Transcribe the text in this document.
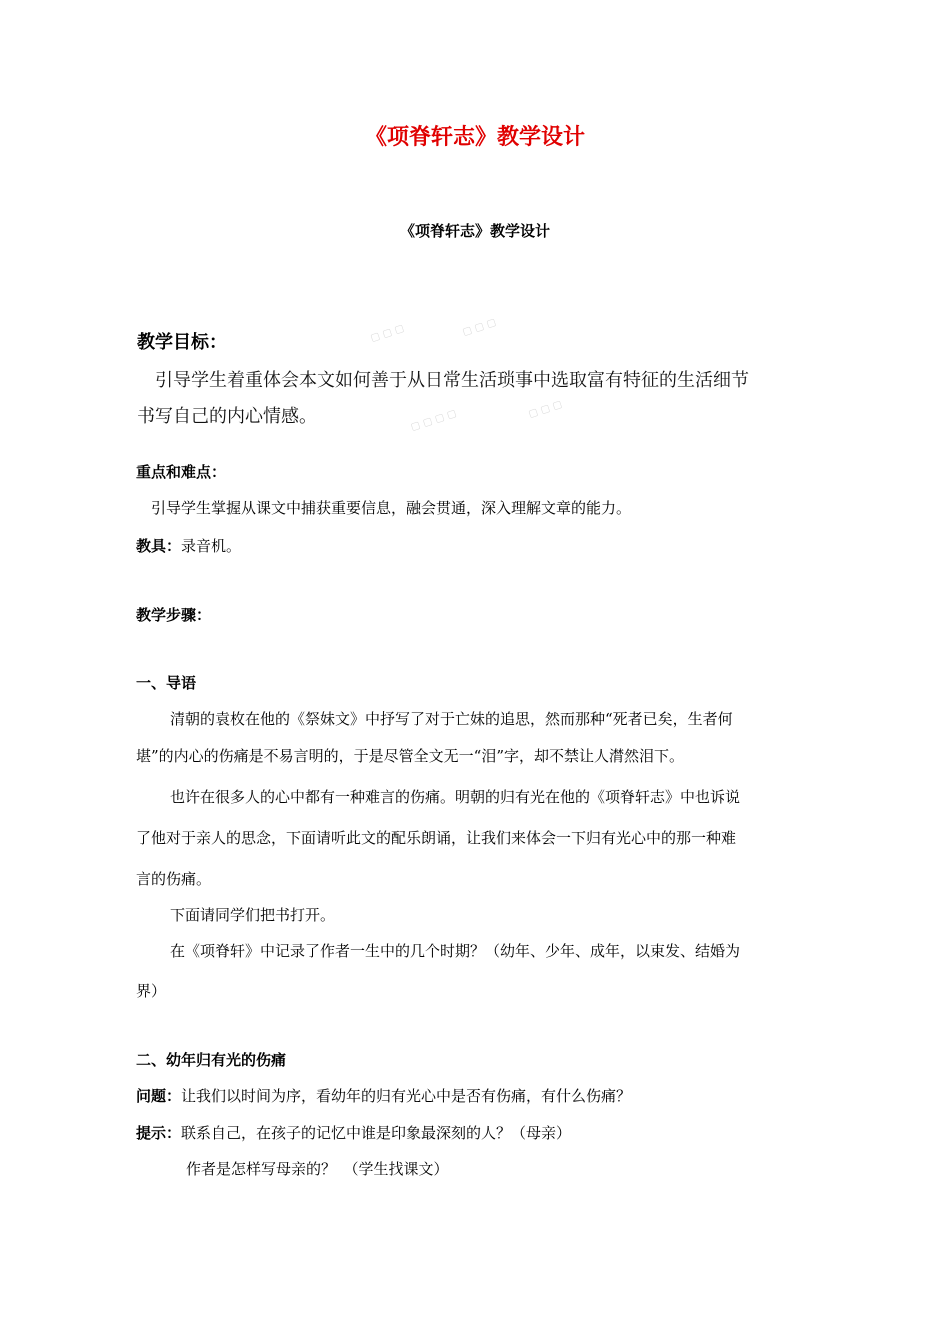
▢ ▢ ▢	▢ ▢ ▢
▢ ▢ ▢ ▢	▢ ▢ ▢
《项脊轩志》教学设计
《项脊轩志》教学设计
教学目标：
引导学生着重体会本文如何善于从日常生活琐事中选取富有特征的生活细节
书写自己的内心情感。
重点和难点：
引导学生掌握从课文中捕获重要信息，融会贯通，深入理解文章的能力。
教具：录音机。
教学步骤：
一、导语
清朝的袁枚在他的《祭妹文》中抒写了对于亡妹的追思，然而那种“死者已矣，生者何
堪”的内心的伤痛是不易言明的，于是尽管全文无一“泪”字，却不禁让人潸然泪下。
也许在很多人的心中都有一种难言的伤痛。明朝的归有光在他的《项脊轩志》中也诉说
了他对于亲人的思念，下面请听此文的配乐朗诵，让我们来体会一下归有光心中的那一种难
言的伤痛。
下面请同学们把书打开。
在《项脊轩》中记录了作者一生中的几个时期？（幼年、少年、成年，以束发、结婚为
界）
二、幼年归有光的伤痛
问题：让我们以时间为序，看幼年的归有光心中是否有伤痛，有什么伤痛？
提示：联系自己，在孩子的记忆中谁是印象最深刻的人？（母亲）
作者是怎样写母亲的？　（学生找课文）
